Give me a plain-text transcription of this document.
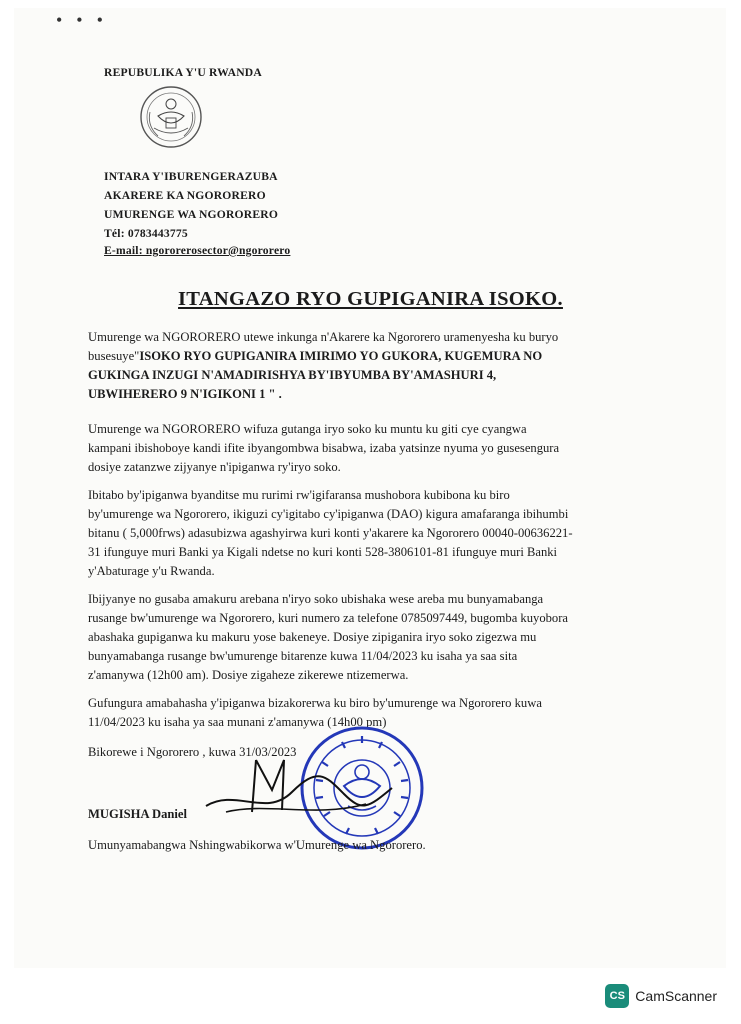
•••
REPUBULIKA Y'U RWANDA
INTARA Y'IBURENGERAZUBA
AKARERE KA NGORORERO
UMURENGE WA NGORORERO
Tél: 0783443775
E-mail: ngororerosector@ngororero
ITANGAZO RYO GUPIGANIRA ISOKO.
Umurenge wa NGORORERO utewe inkunga n'Akarere ka Ngororero uramenyesha ku buryo
busesuye"ISOKO RYO GUPIGANIRA IMIRIMO YO GUKORA, KUGEMURA NO
GUKINGA INZUGI N'AMADIRISHYA BY'IBYUMBA BY'AMASHURI 4,
UBWIHERERO 9 N'IGIKONI 1 " .
Umurenge wa NGORORERO wifuza gutanga iryo soko ku muntu ku giti cye cyangwa
kampani ibishoboye kandi ifite ibyangombwa bisabwa, izaba yatsinze nyuma yo gusesengura
dosiye zatanzwe zijyanye n'ipiganwa ry'iryo soko.
Ibitabo by'ipiganwa byanditse mu rurimi rw'igifaransa mushobora kubibona ku biro
by'umurenge wa Ngororero, ikiguzi cy'igitabo cy'ipiganwa (DAO) kigura amafaranga ibihumbi
bitanu ( 5,000frws) adasubizwa agashyirwa kuri konti y'akarere ka Ngororero 00040-00636221-
31 ifunguye muri Banki ya Kigali ndetse no kuri konti 528-3806101-81 ifunguye muri Banki
y'Abaturage y'u Rwanda.
Ibijyanye no gusaba amakuru arebana n'iryo soko ubishaka wese areba mu bunyamabanga
rusange bw'umurenge wa Ngororero, kuri numero za telefone 0785097449, bugomba kuyobora
abashaka gupiganwa ku makuru yose bakeneye. Dosiye zipiganira iryo soko zigezwa mu
bunyamabanga rusange bw'umurenge bitarenze kuwa 11/04/2023 ku isaha ya saa sita
z'amanywa (12h00 am). Dosiye zigaheze zikerewe ntizemerwa.
Gufungura amabahasha y'ipiganwa bizakorerwa ku biro by'umurenge wa Ngororero kuwa
11/04/2023 ku isaha ya saa munani z'amanywa (14h00 pm)
Bikorewe i Ngororero , kuwa 31/03/2023
MUGISHA Daniel
Umunyamabangwa Nshingwabikorwa w'Umurenge wa Ngororero.
CS CamScanner
